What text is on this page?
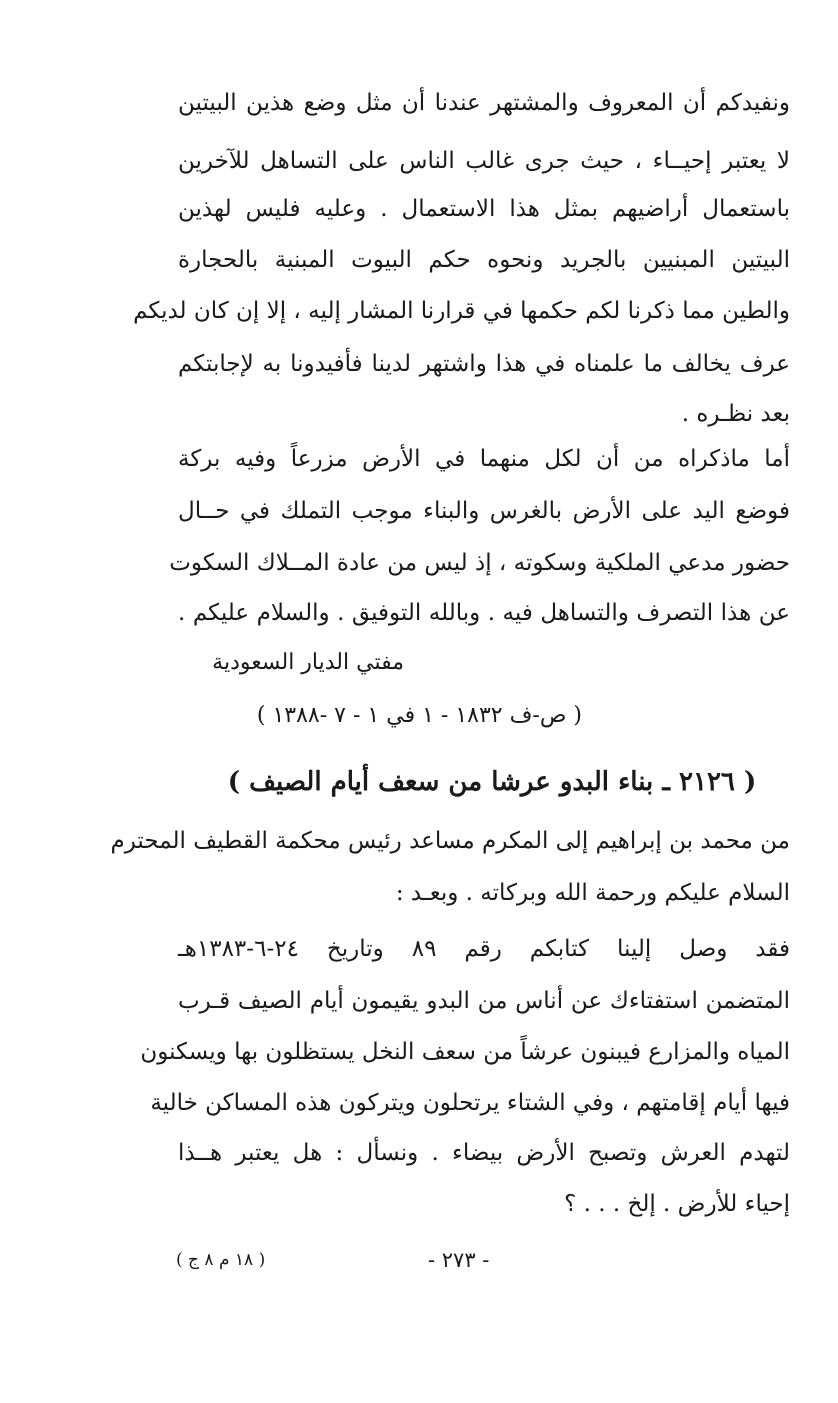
ونفيدكم أن المعروف والمشتهر عندنا أن مثل وضع هذين البيتين
لا يعتبر إحيــاء ، حيث جرى غالب الناس على التساهل للآخرين
باستعمال أراضيهم بمثل هذا الاستعمال . وعليه فليس لهذين
البيتين المبنيين بالجريد ونحوه حكم البيوت المبنية بالحجارة
والطين مما ذكرنا لكم حكمها في قرارنا المشار إليه ، إلا إن كان لديكم
عرف يخالف ما علمناه في هذا واشتهر لدينا فأفيدونا به لإجابتكم
بعد نظـره .
أما ماذكراه من أن لكل منهما في الأرض مزرعاً وفيه بركة
فوضع اليد على الأرض بالغرس والبناء موجب التملك في حــال
حضور مدعي الملكية وسكوته ، إذ ليس من عادة المــلاك السكوت
عن هذا التصرف والتساهل فيه . وبالله التوفيق . والسلام عليكم .
مفتي الديار السعودية
( ص-ف ١٨٣٢ - ١ في ١ - ٧ -١٣٨٨ )
( ٢١٢٦ ـ بناء البدو عرشا من سعف أيام الصيف )
من محمد بن إبراهيم إلى المكرم مساعد رئيس محكمة القطيف المحترم
السلام عليكم ورحمة الله وبركاته . وبعـد :
فقد وصل إلينا كتابكم رقم ٨٩ وتاريخ ٢٤-٦-١٣٨٣هـ
المتضمن استفتاءك عن أناس من البدو يقيمون أيام الصيف قـرب
المياه والمزارع فيبنون عرشاً من سعف النخل يستظلون بها ويسكنون
فيها أيام إقامتهم ، وفي الشتاء يرتحلون ويتركون هذه المساكن خالية
لتهدم العرش وتصبح الأرض بيضاء . ونسأل : هل يعتبر هــذا
إحياء للأرض . إلخ . . . ؟
( ١٨ م ٨ ج )	- ٢٧٣ -
